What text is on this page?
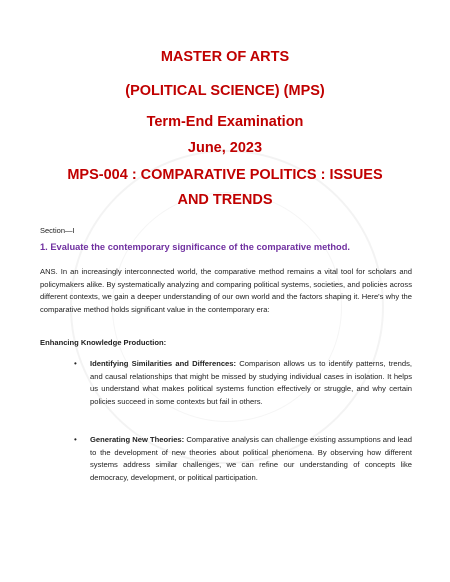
MASTER OF ARTS
(POLITICAL SCIENCE) (MPS)
Term-End Examination
June, 2023
MPS-004 : COMPARATIVE POLITICS : ISSUES
AND TRENDS
Section—I
1. Evaluate the contemporary significance of the comparative method.
ANS. In an increasingly interconnected world, the comparative method remains a vital tool for scholars and policymakers alike. By systematically analyzing and comparing political systems, societies, and policies across different contexts, we gain a deeper understanding of our own world and the factors shaping it. Here's why the comparative method holds significant value in the contemporary era:
Enhancing Knowledge Production:
• Identifying Similarities and Differences: Comparison allows us to identify patterns, trends, and causal relationships that might be missed by studying individual cases in isolation. It helps us understand what makes political systems function effectively or struggle, and why certain policies succeed in some contexts but fail in others.
• Generating New Theories: Comparative analysis can challenge existing assumptions and lead to the development of new theories about political phenomena. By observing how different systems address similar challenges, we can refine our understanding of concepts like democracy, development, or political participation.
